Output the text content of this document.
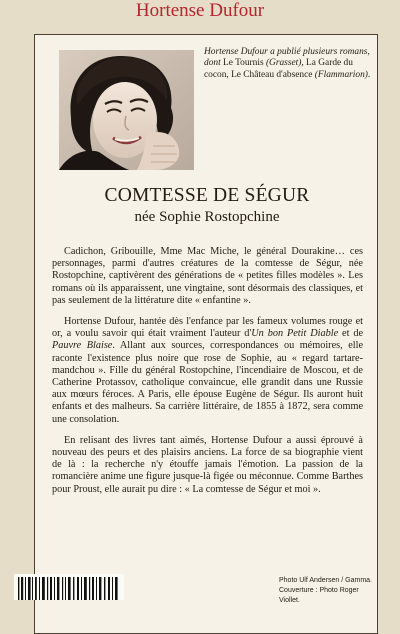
Hortense Dufour
Hortense Dufour a publié plusieurs romans, dont Le Tournis (Grasset), La Garde du cocon, Le Château d'absence (Flammarion).
COMTESSE DE SÉGUR
née Sophie Rostopchine

Cadichon, Gribouille, Mme Mac Miche, le général Dourakine… ces personnages, parmi d'autres créatures de la comtesse de Ségur, née Rostopchine, captivèrent des générations de « petites filles modèles ». Les romans où ils apparaissent, une vingtaine, sont désormais des classiques, et pas seulement de la littérature dite « enfantine ».

Hortense Dufour, hantée dès l'enfance par les fameux volumes rouge et or, a voulu savoir qui était vraiment l'auteur d'Un bon Petit Diable et de Pauvre Blaise. Allant aux sources, correspondances ou mémoires, elle raconte l'existence plus noire que rose de Sophie, au « regard tartare-mandchou ». Fille du général Rostopchine, l'incendiaire de Moscou, et de Catherine Protassov, catholique convaincue, elle grandit dans une Russie aux mœurs féroces. A Paris, elle épouse Eugène de Ségur. Ils auront huit enfants et des malheurs. Sa carrière littéraire, de 1855 à 1872, sera comme une consolation.

En relisant des livres tant aimés, Hortense Dufour a aussi éprouvé à nouveau des peurs et des plaisirs anciens. La force de sa biographie vient de là : la recherche n'y étouffe jamais l'émotion. La passion de la romancière anime une figure jusque-là figée ou méconnue. Comme Barthes pour Proust, elle aurait pu dire : « La comtesse de Ségur et moi ».

Photo Ulf Andersen / Gamma.
Couverture : Photo Roger Viollet.
